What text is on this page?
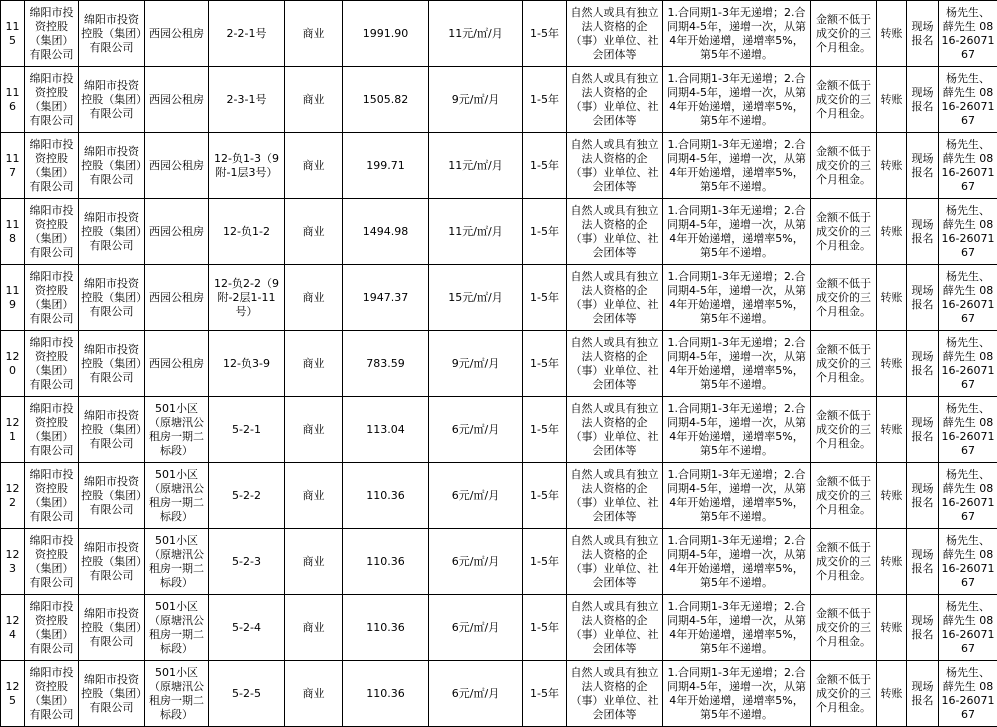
115	绵阳市投资控股（集团）有限公司	绵阳市投资控股（集团）有限公司	西园公租房	2-2-1号	商业	1991.90	11元/㎡/月	1-5年	自然人或具有独立法人资格的企（事）业单位、社会团体等	1.合同期1-3年无递增；2.合同期4-5年，递增一次，从第4年开始递增，递增率5%，第5年不递增。	金额不低于成交价的三个月租金。	转账	现场报名	杨先生、薛先生 0816-2607167
116	绵阳市投资控股（集团）有限公司	绵阳市投资控股（集团）有限公司	西园公租房	2-3-1号	商业	1505.82	9元/㎡/月	1-5年	自然人或具有独立法人资格的企（事）业单位、社会团体等	1.合同期1-3年无递增；2.合同期4-5年，递增一次，从第4年开始递增，递增率5%，第5年不递增。	金额不低于成交价的三个月租金。	转账	现场报名	杨先生、薛先生 0816-2607167
117	绵阳市投资控股（集团）有限公司	绵阳市投资控股（集团）有限公司	西园公租房	12-负1-3（9附-1层3号）	商业	199.71	11元/㎡/月	1-5年	自然人或具有独立法人资格的企（事）业单位、社会团体等	1.合同期1-3年无递增；2.合同期4-5年，递增一次，从第4年开始递增，递增率5%，第5年不递增。	金额不低于成交价的三个月租金。	转账	现场报名	杨先生、薛先生 0816-2607167
118	绵阳市投资控股（集团）有限公司	绵阳市投资控股（集团）有限公司	西园公租房	12-负1-2	商业	1494.98	11元/㎡/月	1-5年	自然人或具有独立法人资格的企（事）业单位、社会团体等	1.合同期1-3年无递增；2.合同期4-5年，递增一次，从第4年开始递增，递增率5%，第5年不递增。	金额不低于成交价的三个月租金。	转账	现场报名	杨先生、薛先生 0816-2607167
119	绵阳市投资控股（集团）有限公司	绵阳市投资控股（集团）有限公司	西园公租房	12-负2-2（9附-2层1-11号）	商业	1947.37	15元/㎡/月	1-5年	自然人或具有独立法人资格的企（事）业单位、社会团体等	1.合同期1-3年无递增；2.合同期4-5年，递增一次，从第4年开始递增，递增率5%，第5年不递增。	金额不低于成交价的三个月租金。	转账	现场报名	杨先生、薛先生 0816-2607167
120	绵阳市投资控股（集团）有限公司	绵阳市投资控股（集团）有限公司	西园公租房	12-负3-9	商业	783.59	9元/㎡/月	1-5年	自然人或具有独立法人资格的企（事）业单位、社会团体等	1.合同期1-3年无递增；2.合同期4-5年，递增一次，从第4年开始递增，递增率5%，第5年不递增。	金额不低于成交价的三个月租金。	转账	现场报名	杨先生、薛先生 0816-2607167
121	绵阳市投资控股（集团）有限公司	绵阳市投资控股（集团）有限公司	501小区（原塘汛公租房一期二标段）	5-2-1	商业	113.04	6元/㎡/月	1-5年	自然人或具有独立法人资格的企（事）业单位、社会团体等	1.合同期1-3年无递增；2.合同期4-5年，递增一次，从第4年开始递增，递增率5%，第5年不递增。	金额不低于成交价的三个月租金。	转账	现场报名	杨先生、薛先生 0816-2607167
122	绵阳市投资控股（集团）有限公司	绵阳市投资控股（集团）有限公司	501小区（原塘汛公租房一期二标段）	5-2-2	商业	110.36	6元/㎡/月	1-5年	自然人或具有独立法人资格的企（事）业单位、社会团体等	1.合同期1-3年无递增；2.合同期4-5年，递增一次，从第4年开始递增，递增率5%，第5年不递增。	金额不低于成交价的三个月租金。	转账	现场报名	杨先生、薛先生 0816-2607167
123	绵阳市投资控股（集团）有限公司	绵阳市投资控股（集团）有限公司	501小区（原塘汛公租房一期二标段）	5-2-3	商业	110.36	6元/㎡/月	1-5年	自然人或具有独立法人资格的企（事）业单位、社会团体等	1.合同期1-3年无递增；2.合同期4-5年，递增一次，从第4年开始递增，递增率5%，第5年不递增。	金额不低于成交价的三个月租金。	转账	现场报名	杨先生、薛先生 0816-2607167
124	绵阳市投资控股（集团）有限公司	绵阳市投资控股（集团）有限公司	501小区（原塘汛公租房一期二标段）	5-2-4	商业	110.36	6元/㎡/月	1-5年	自然人或具有独立法人资格的企（事）业单位、社会团体等	1.合同期1-3年无递增；2.合同期4-5年，递增一次，从第4年开始递增，递增率5%，第5年不递增。	金额不低于成交价的三个月租金。	转账	现场报名	杨先生、薛先生 0816-2607167
125	绵阳市投资控股（集团）有限公司	绵阳市投资控股（集团）有限公司	501小区（原塘汛公租房一期二标段）	5-2-5	商业	110.36	6元/㎡/月	1-5年	自然人或具有独立法人资格的企（事）业单位、社会团体等	1.合同期1-3年无递增；2.合同期4-5年，递增一次，从第4年开始递增，递增率5%，第5年不递增。	金额不低于成交价的三个月租金。	转账	现场报名	杨先生、薛先生 0816-2607167
